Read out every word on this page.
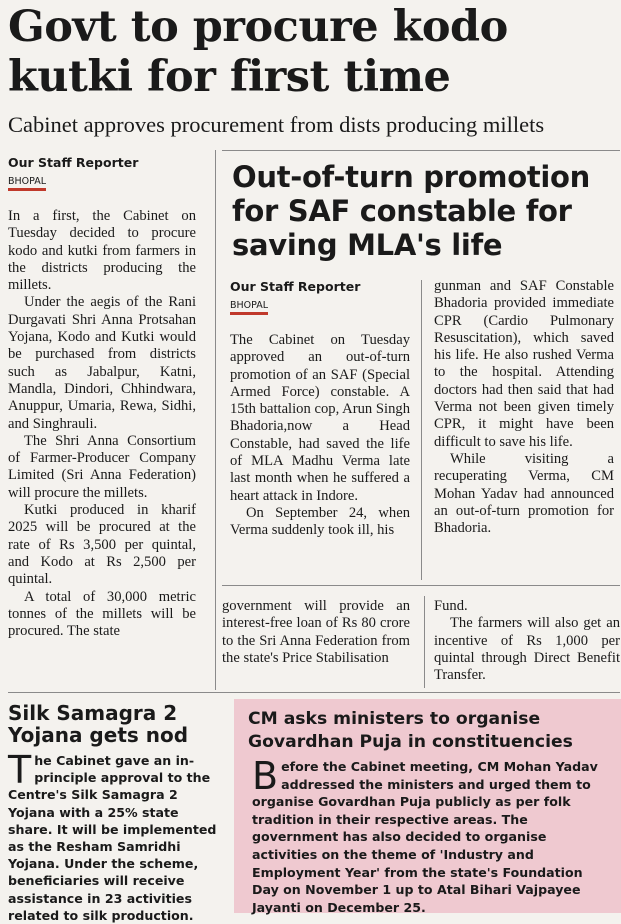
Govt to procure kodo kutki for first time
Cabinet approves procurement from dists producing millets
Our Staff Reporter
BHOPAL

In a first, the Cabinet on Tuesday decided to procure kodo and kutki from farmers in the districts producing the millets.

Under the aegis of the Rani Durgavati Shri Anna Protsahan Yojana, Kodo and Kutki would be purchased from districts such as Jabalpur, Katni, Mandla, Dindori, Chhindwara, Anuppur, Umaria, Rewa, Sidhi, and Singhrauli.

The Shri Anna Consortium of Farmer-Producer Company Limited (Sri Anna Federation) will procure the millets.

Kutki produced in kharif 2025 will be procured at the rate of Rs 3,500 per quintal, and Kodo at Rs 2,500 per quintal.

A total of 30,000 metric tonnes of the millets will be procured. The state

Out-of-turn promotion for SAF constable for saving MLA's life
Our Staff Reporter
BHOPAL

The Cabinet on Tuesday approved an out-of-turn promotion of an SAF (Special Armed Force) constable. A 15th battalion cop, Arun Singh Bhadoria,now a Head Constable, had saved the life of MLA Madhu Verma late last month when he suffered a heart attack in Indore.

On September 24, when Verma suddenly took ill, his

gunman and SAF Constable Bhadoria provided immediate CPR (Cardio Pulmonary Resuscitation), which saved his life. He also rushed Verma to the hospital. Attending doctors had then said that had Verma not been given timely CPR, it might have been difficult to save his life.

While visiting a recuperating Verma, CM Mohan Yadav had announced an out-of-turn promotion for Bhadoria.

government will provide an interest-free loan of Rs 80 crore to the Sri Anna Federation from the state's Price Stabilisation

Fund.

The farmers will also get an incentive of Rs 1,000 per quintal through Direct Benefit Transfer.

Silk Samagra 2 Yojana gets nod
The Cabinet gave an in-principle approval to the Centre's Silk Samagra 2 Yojana with a 25% state share. It will be implemented as the Resham Samridhi Yojana. Under the scheme, beneficiaries will receive assistance in 23 activities related to silk production.
CM asks ministers to organise Govardhan Puja in constituencies
Before the Cabinet meeting, CM Mohan Yadav addressed the ministers and urged them to organise Govardhan Puja publicly as per folk tradition in their respective areas. The government has also decided to organise activities on the theme of 'Industry and Employment Year' from the state's Foundation Day on November 1 up to Atal Bihari Vajpayee Jayanti on December 25.
